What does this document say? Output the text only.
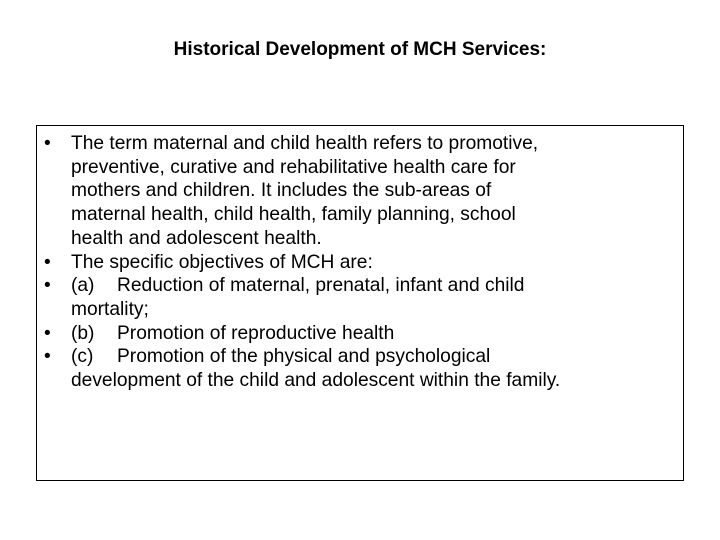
Historical Development of MCH Services:
• The term maternal and child health refers to promotive,
preventive, curative and rehabilitative health care for
mothers and children. It includes the sub-areas of
maternal health, child health, family planning, school
health and adolescent health.
• The specific objectives of MCH are:
• (a) Reduction of maternal, prenatal, infant and child
mortality;
• (b) Promotion of reproductive health
• (c) Promotion of the physical and psychological
development of the child and adolescent within the family.
